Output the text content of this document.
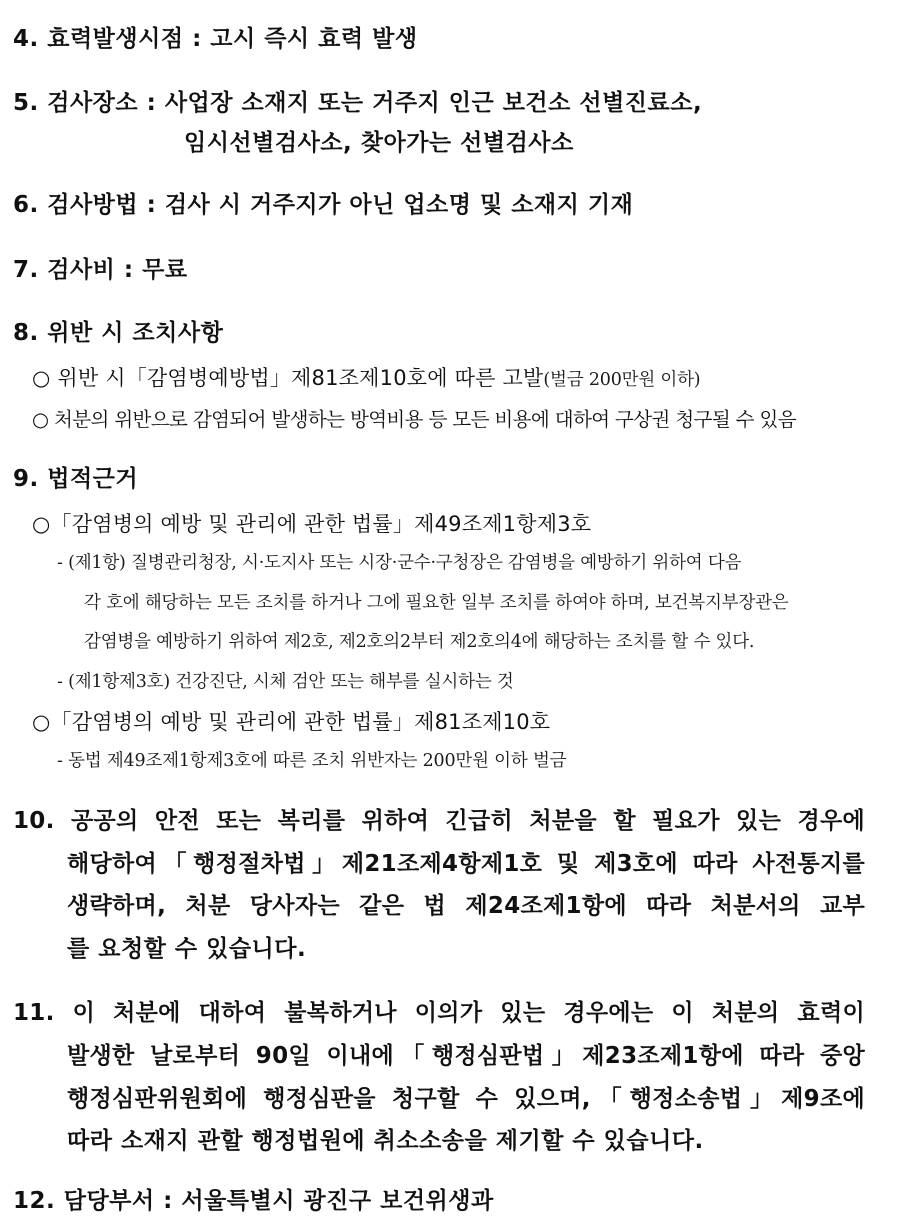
4. 효력발생시점 : 고시 즉시 효력 발생
5. 검사장소 : 사업장 소재지 또는 거주지 인근 보건소 선별진료소,
임시선별검사소, 찾아가는 선별검사소
6. 검사방법 : 검사 시 거주지가 아닌 업소명 및 소재지 기재
7. 검사비 : 무료
8. 위반 시 조치사항
○ 위반 시「감염병예방법」제81조제10호에 따른 고발(벌금 200만원 이하)
○ 처분의 위반으로 감염되어 발생하는 방역비용 등 모든 비용에 대하여 구상권 청구될 수 있음
9. 법적근거
○「감염병의 예방 및 관리에 관한 법률」제49조제1항제3호
- (제1항) 질병관리청장, 시·도지사 또는 시장·군수·구청장은 감염병을 예방하기 위하여 다음
각 호에 해당하는 모든 조치를 하거나 그에 필요한 일부 조치를 하여야 하며, 보건복지부장관은
감염병을 예방하기 위하여 제2호, 제2호의2부터 제2호의4에 해당하는 조치를 할 수 있다.
- (제1항제3호) 건강진단, 시체 검안 또는 해부를 실시하는 것
○「감염병의 예방 및 관리에 관한 법률」제81조제10호
- 동법 제49조제1항제3호에 따른 조치 위반자는 200만원 이하 벌금
10. 공공의 안전 또는 복리를 위하여 긴급히 처분을 할 필요가 있는 경우에
해당하여「행정절차법」제21조제4항제1호 및 제3호에 따라 사전통지를
생략하며, 처분 당사자는 같은 법 제24조제1항에 따라 처분서의 교부
를 요청할 수 있습니다.
11. 이 처분에 대하여 불복하거나 이의가 있는 경우에는 이 처분의 효력이
발생한 날로부터 90일 이내에「행정심판법」제23조제1항에 따라 중앙
행정심판위원회에 행정심판을 청구할 수 있으며,「행정소송법」제9조에
따라 소재지 관할 행정법원에 취소소송을 제기할 수 있습니다.
12. 담당부서 : 서울특별시 광진구 보건위생과
